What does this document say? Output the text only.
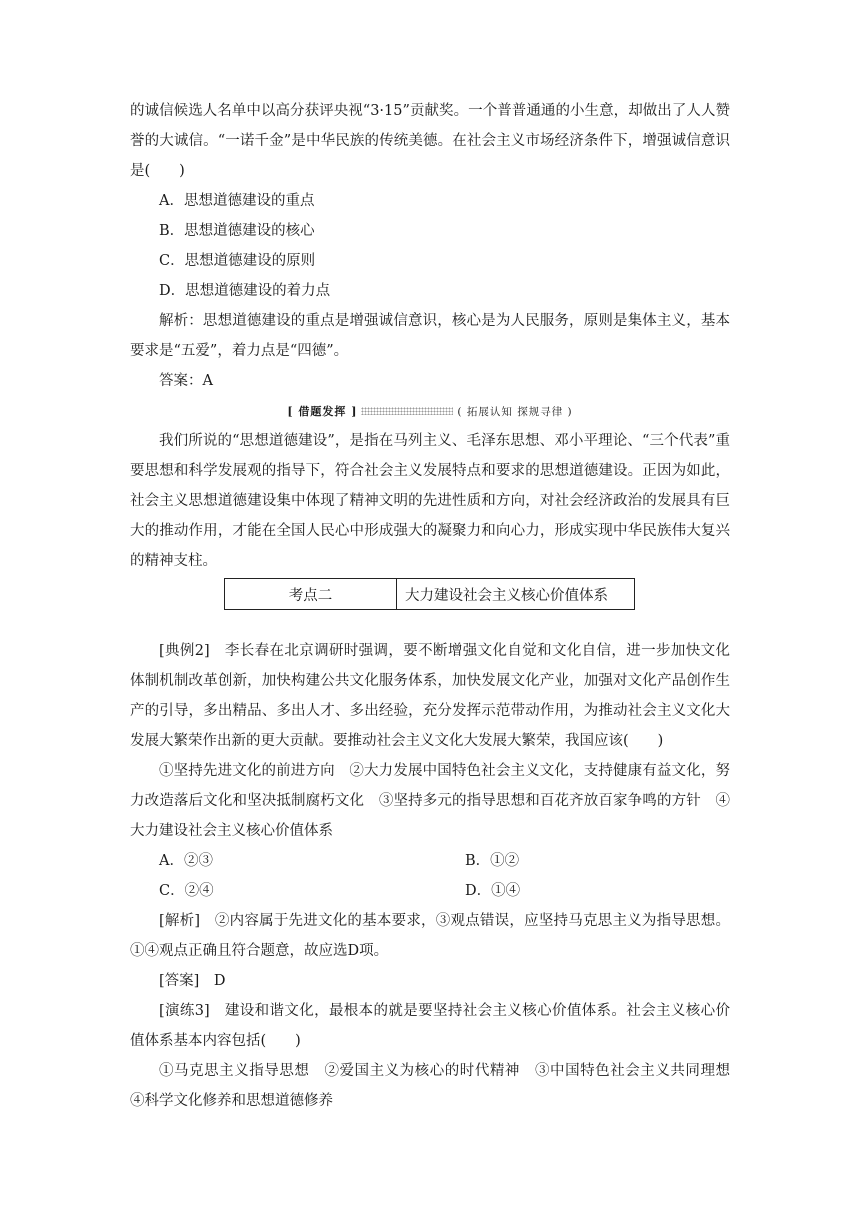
的诚信候选人名单中以高分获评央视“3·15”贡献奖。一个普普通通的小生意，却做出了人人赞誉的大诚信。“一诺千金”是中华民族的传统美德。在社会主义市场经济条件下，增强诚信意识是(　　)

A．思想道德建设的重点

B．思想道德建设的核心

C．思想道德建设的原则

D．思想道德建设的着力点

解析：思想道德建设的重点是增强诚信意识，核心是为人民服务，原则是集体主义，基本要求是“五爱”，着力点是“四德”。

答案：A

[ 借题发挥 ]	( 拓展认知 探规寻律 )

我们所说的“思想道德建设”，是指在马列主义、毛泽东思想、邓小平理论、“三个代表”重要思想和科学发展观的指导下，符合社会主义发展特点和要求的思想道德建设。正因为如此，社会主义思想道德建设集中体现了精神文明的先进性质和方向，对社会经济政治的发展具有巨大的推动作用，才能在全国人民心中形成强大的凝聚力和向心力，形成实现中华民族伟大复兴的精神支柱。

考点二	大力建设社会主义核心价值体系

[典例2]　李长春在北京调研时强调，要不断增强文化自觉和文化自信，进一步加快文化体制机制改革创新，加快构建公共文化服务体系，加快发展文化产业，加强对文化产品创作生产的引导，多出精品、多出人才、多出经验，充分发挥示范带动作用，为推动社会主义文化大发展大繁荣作出新的更大贡献。要推动社会主义文化大发展大繁荣，我国应该(　　)

①坚持先进文化的前进方向　②大力发展中国特色社会主义文化，支持健康有益文化，努力改造落后文化和坚决抵制腐朽文化　③坚持多元的指导思想和百花齐放百家争鸣的方针　④大力建设社会主义核心价值体系

A．②③	B．①②
C．②④	D．①④

[解析]　②内容属于先进文化的基本要求，③观点错误，应坚持马克思主义为指导思想。①④观点正确且符合题意，故应选D项。

[答案]　D

[演练3]　建设和谐文化，最根本的就是要坚持社会主义核心价值体系。社会主义核心价值体系基本内容包括(　　)

①马克思主义指导思想　②爱国主义为核心的时代精神　③中国特色社会主义共同理想　④科学文化修养和思想道德修养
